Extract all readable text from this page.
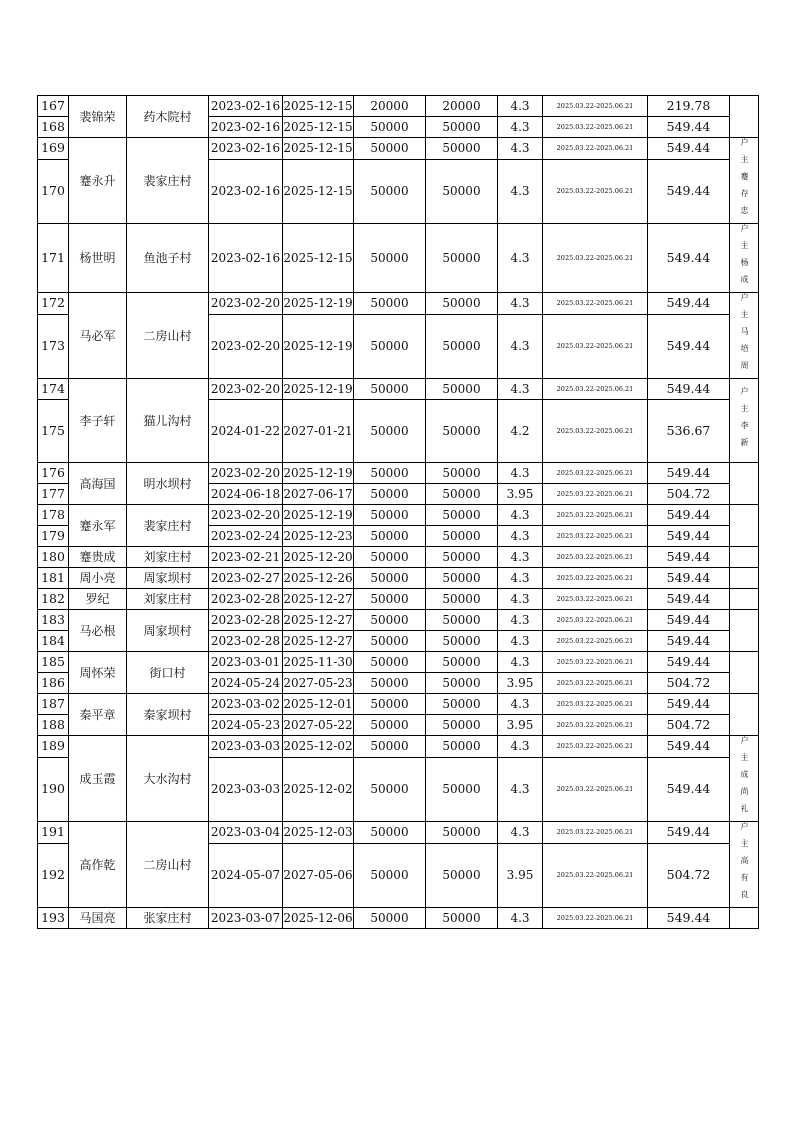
167	裴锦荣	药木院村	2023-02-16	2025-12-15	20000	20000	4.3	2025.03.22-2025.06.21	219.78	
168			2023-02-16	2025-12-15	50000	50000	4.3	2025.03.22-2025.06.21	549.44	
169	蹇永升	裴家庄村	2023-02-16	2025-12-15	50000	50000	4.3	2025.03.22-2025.06.21	549.44	户主蹇存忠
170			2023-02-16	2025-12-15	50000	50000	4.3	2025.03.22-2025.06.21	549.44	
171	杨世明	鱼池子村	2023-02-16	2025-12-15	50000	50000	4.3	2025.03.22-2025.06.21	549.44	户主杨成
172	马必军	二房山村	2023-02-20	2025-12-19	50000	50000	4.3	2025.03.22-2025.06.21	549.44	户主马培周
173			2023-02-20	2025-12-19	50000	50000	4.3	2025.03.22-2025.06.21	549.44	
174	李子轩	猫儿沟村	2023-02-20	2025-12-19	50000	50000	4.3	2025.03.22-2025.06.21	549.44	户主李新
175			2024-01-22	2027-01-21	50000	50000	4.2	2025.03.22-2025.06.21	536.67	
176	高海国	明水坝村	2023-02-20	2025-12-19	50000	50000	4.3	2025.03.22-2025.06.21	549.44	
177			2024-06-18	2027-06-17	50000	50000	3.95	2025.03.22-2025.06.21	504.72	
178	蹇永军	裴家庄村	2023-02-20	2025-12-19	50000	50000	4.3	2025.03.22-2025.06.21	549.44	
179			2023-02-24	2025-12-23	50000	50000	4.3	2025.03.22-2025.06.21	549.44	
180	蹇贵成	刘家庄村	2023-02-21	2025-12-20	50000	50000	4.3	2025.03.22-2025.06.21	549.44	
181	周小亮	周家坝村	2023-02-27	2025-12-26	50000	50000	4.3	2025.03.22-2025.06.21	549.44	
182	罗纪	刘家庄村	2023-02-28	2025-12-27	50000	50000	4.3	2025.03.22-2025.06.21	549.44	
183	马必根	周家坝村	2023-02-28	2025-12-27	50000	50000	4.3	2025.03.22-2025.06.21	549.44	
184			2023-02-28	2025-12-27	50000	50000	4.3	2025.03.22-2025.06.21	549.44	
185	周怀荣	街口村	2023-03-01	2025-11-30	50000	50000	4.3	2025.03.22-2025.06.21	549.44	
186			2024-05-24	2027-05-23	50000	50000	3.95	2025.03.22-2025.06.21	504.72	
187	秦平章	秦家坝村	2023-03-02	2025-12-01	50000	50000	4.3	2025.03.22-2025.06.21	549.44	
188			2024-05-23	2027-05-22	50000	50000	3.95	2025.03.22-2025.06.21	504.72	
189	成玉霞	大水沟村	2023-03-03	2025-12-02	50000	50000	4.3	2025.03.22-2025.06.21	549.44	户主成尚礼
190			2023-03-03	2025-12-02	50000	50000	4.3	2025.03.22-2025.06.21	549.44	
191	高作乾	二房山村	2023-03-04	2025-12-03	50000	50000	4.3	2025.03.22-2025.06.21	549.44	户主高有良
192			2024-05-07	2027-05-06	50000	50000	3.95	2025.03.22-2025.06.21	504.72	
193	马国亮	张家庄村	2023-03-07	2025-12-06	50000	50000	4.3	2025.03.22-2025.06.21	549.44	
